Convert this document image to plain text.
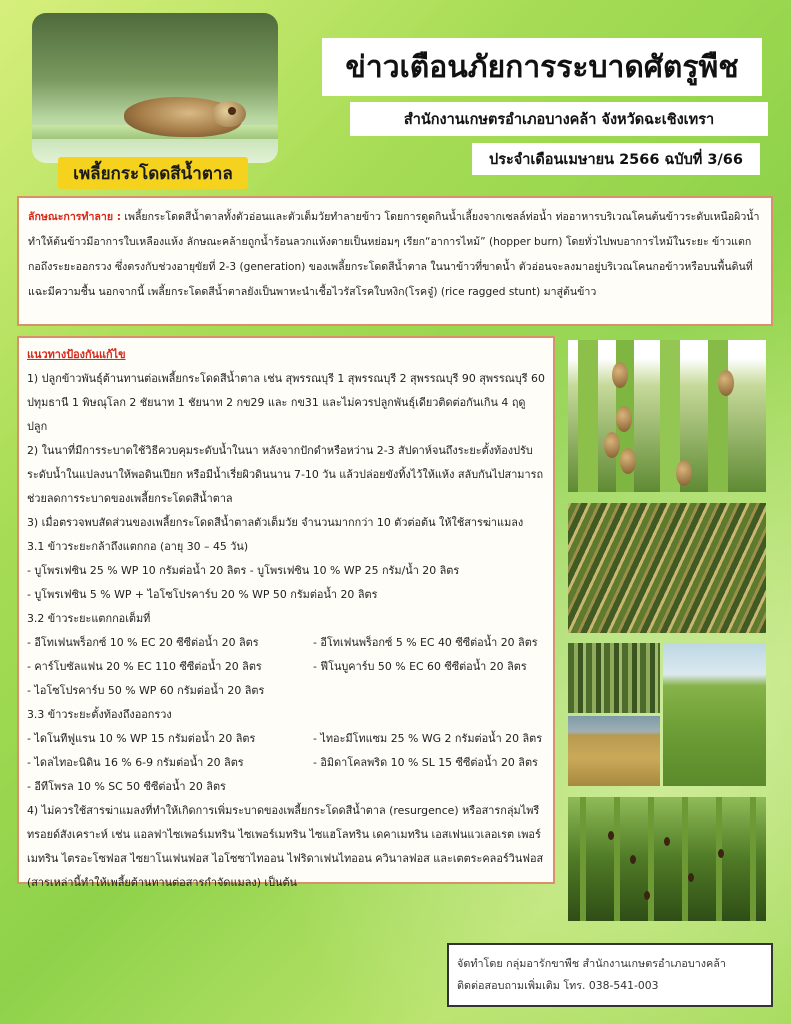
เพลี้ยกระโดดสีน้ำตาล
ข่าวเตือนภัยการระบาดศัตรูพืช
สำนักงานเกษตรอำเภอบางคล้า จังหวัดฉะเชิงเทรา
ประจำเดือนเมษายน 2566 ฉบับที่ 3/66
ลักษณะการทำลาย : เพลี้ยกระโดดสีน้ำตาลทั้งตัวอ่อนและตัวเต็มวัยทำลายข้าว โดยการดูดกินน้ำเลี้ยงจากเซลล์ท่อน้ำ ท่ออาหารบริเวณโคนต้นข้าวระดับเหนือผิวน้ำ ทำให้ต้นข้าวมีอาการใบเหลืองแห้ง ลักษณะคล้ายถูกน้ำร้อนลวกแห้งตายเป็นหย่อมๆ เรียก“อาการไหม้” (hopper burn) โดยทั่วไปพบอาการไหม้ในระยะ ข้าวแตกกอถึงระยะออกรวง ซึ่งตรงกับช่วงอายุขัยที่ 2-3 (generation) ของเพลี้ยกระโดดสีน้ำตาล ในนาข้าวที่ขาดน้ำ ตัวอ่อนจะลงมาอยู่บริเวณโคนกอข้าวหรือบนพื้นดินที่แฉะมีความชื้น นอกจากนี้ เพลี้ยกระโดดสีน้ำตาลยังเป็นพาหะนำเชื้อไวรัสโรคใบหงิก(โรคจู๋) (rice ragged stunt) มาสู่ต้นข้าว

แนวทางป้องกันแก้ไข

1) ปลูกข้าวพันธุ์ต้านทานต่อเพลี้ยกระโดดสีน้ำตาล เช่น สุพรรณบุรี 1 สุพรรณบุรี 2 สุพรรณบุรี 90 สุพรรณบุรี 60 ปทุมธานี 1 พิษณุโลก 2 ชัยนาท 1 ชัยนาท 2 กข29 และ กข31 และไม่ควรปลูกพันธุ์เดียวติดต่อกันเกิน 4 ฤดูปลูก

2) ในนาที่มีการระบาดใช้วิธีควบคุมระดับน้ำในนา หลังจากปักดำหรือหว่าน 2-3 สัปดาห์จนถึงระยะตั้งท้องปรับระดับน้ำในแปลงนาให้พอดินเปียก หรือมีน้ำเรี่ยผิวดินนาน 7-10 วัน แล้วปล่อยขังทิ้งไว้ให้แห้ง สลับกันไปสามารถช่วยลดการระบาดของเพลี้ยกระโดดสีน้ำตาล

3) เมื่อตรวจพบสัดส่วนของเพลี้ยกระโดดสีน้ำตาลตัวเต็มวัย จำนวนมากกว่า 10 ตัวต่อต้น ให้ใช้สารฆ่าแมลง

3.1 ข้าวระยะกล้าถึงแตกกอ (อายุ 30 – 45 วัน)

- บูโพรเฟซิน 25 % WP 10 กรัมต่อน้ำ 20 ลิตร - บูโพรเฟซิน 10 % WP 25 กรัม/น้ำ 20 ลิตร

- บูโพรเฟซิน 5 % WP + ไอโซโปรคาร์บ 20 % WP 50 กรัมต่อน้ำ 20 ลิตร

3.2 ข้าวระยะแตกกอเต็มที่

- อีโทเฟนพร็อกซ์ 10 % EC 20 ซีซีต่อน้ำ 20 ลิตร	- อีโทเฟนพร็อกซ์ 5 % EC 40 ซีซีต่อน้ำ 20 ลิตร
- คาร์โบซัลแฟน 20 % EC 110 ซีซีต่อน้ำ 20 ลิตร	- ฟีโนบูคาร์บ 50 % EC 60 ซีซีต่อน้ำ 20 ลิตร

- ไอโซโปรคาร์บ 50 % WP 60 กรัมต่อน้ำ 20 ลิตร

3.3 ข้าวระยะตั้งท้องถึงออกรวง

- ไดโนทีฟูแรน 10 % WP 15 กรัมต่อน้ำ 20 ลิตร	- ไทอะมีโทแซม 25 % WG 2 กรัมต่อน้ำ 20 ลิตร
- ไดลไทอะนิดิน 16 % 6-9 กรัมต่อน้ำ 20 ลิตร	- อิมิดาโคลพริด 10 % SL 15 ซีซีต่อน้ำ 20 ลิตร

- อีทีโพรล 10 % SC 50 ซีซีต่อน้ำ 20 ลิตร

4) ไม่ควรใช้สารฆ่าแมลงที่ทำให้เกิดการเพิ่มระบาดของเพลี้ยกระโดดสีน้ำตาล (resurgence) หรือสารกลุ่มไพรีทรอยด์สังเคราะห์ เช่น แอลฟาไซเพอร์เมทริน ไซเพอร์เมทริน ไซแฮโลทริน เดคาเมทริน เอสเฟนแวเลอเรต เพอร์เมทริน ไตรอะโซฟอส ไซยาโนเฟนฟอส ไอโซซาไทออน ไฟริดาเฟนไทออน ควินาลฟอส และเตตระคลอร์วินฟอส (สารเหล่านี้ทำให้เพลี้ยต้านทานต่อสารกำจัดแมลง) เป็นต้น

จัดทำโดย กลุ่มอารักขาพืช สำนักงานเกษตรอำเภอบางคล้า
ติดต่อสอบถามเพิ่มเติม โทร. 038-541-003
